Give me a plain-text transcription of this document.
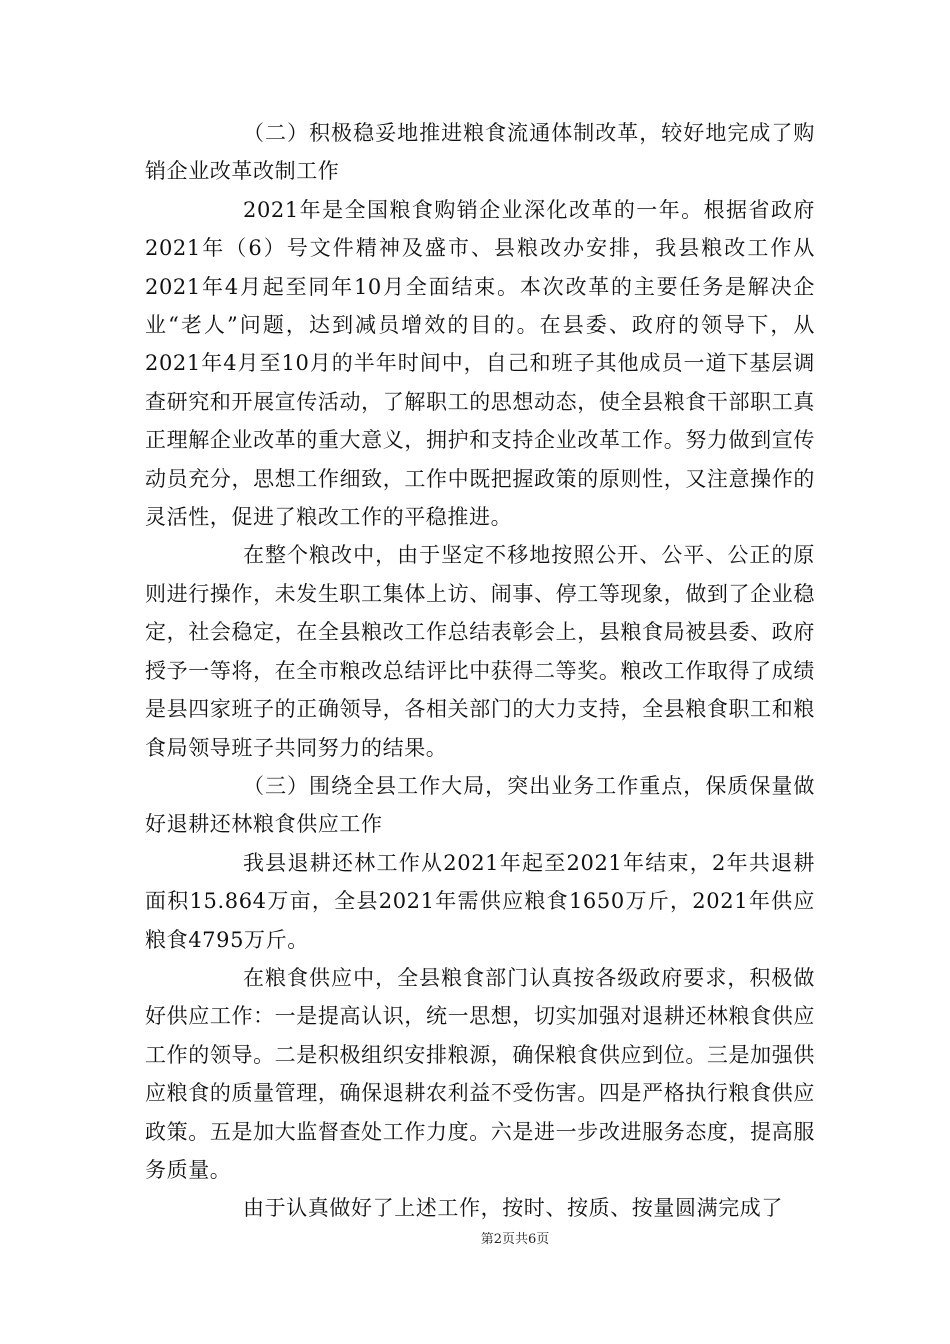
（二）积极稳妥地推进粮食流通体制改革，较好地完成了购销企业改革改制工作

2021年是全国粮食购销企业深化改革的一年。根据省政府2021年（6）号文件精神及盛市、县粮改办安排，我县粮改工作从2021年4月起至同年10月全面结束。本次改革的主要任务是解决企业“老人”问题，达到减员增效的目的。在县委、政府的领导下，从2021年4月至10月的半年时间中，自己和班子其他成员一道下基层调查研究和开展宣传活动，了解职工的思想动态，使全县粮食干部职工真正理解企业改革的重大意义，拥护和支持企业改革工作。努力做到宣传动员充分，思想工作细致，工作中既把握政策的原则性，又注意操作的灵活性，促进了粮改工作的平稳推进。

在整个粮改中，由于坚定不移地按照公开、公平、公正的原则进行操作，未发生职工集体上访、闹事、停工等现象，做到了企业稳定，社会稳定，在全县粮改工作总结表彰会上，县粮食局被县委、政府授予一等将，在全市粮改总结评比中获得二等奖。粮改工作取得了成绩是县四家班子的正确领导，各相关部门的大力支持，全县粮食职工和粮食局领导班子共同努力的结果。

（三）围绕全县工作大局，突出业务工作重点，保质保量做好退耕还林粮食供应工作

我县退耕还林工作从2021年起至2021年结束，2年共退耕面积15.864万亩，全县2021年需供应粮食1650万斤，2021年供应粮食4795万斤。

在粮食供应中，全县粮食部门认真按各级政府要求，积极做好供应工作：一是提高认识，统一思想，切实加强对退耕还林粮食供应工作的领导。二是积极组织安排粮源，确保粮食供应到位。三是加强供应粮食的质量管理，确保退耕农利益不受伤害。四是严格执行粮食供应政策。五是加大监督查处工作力度。六是进一步改进服务态度，提高服务质量。

由于认真做好了上述工作，按时、按质、按量圆满完成了

第2页共6页
